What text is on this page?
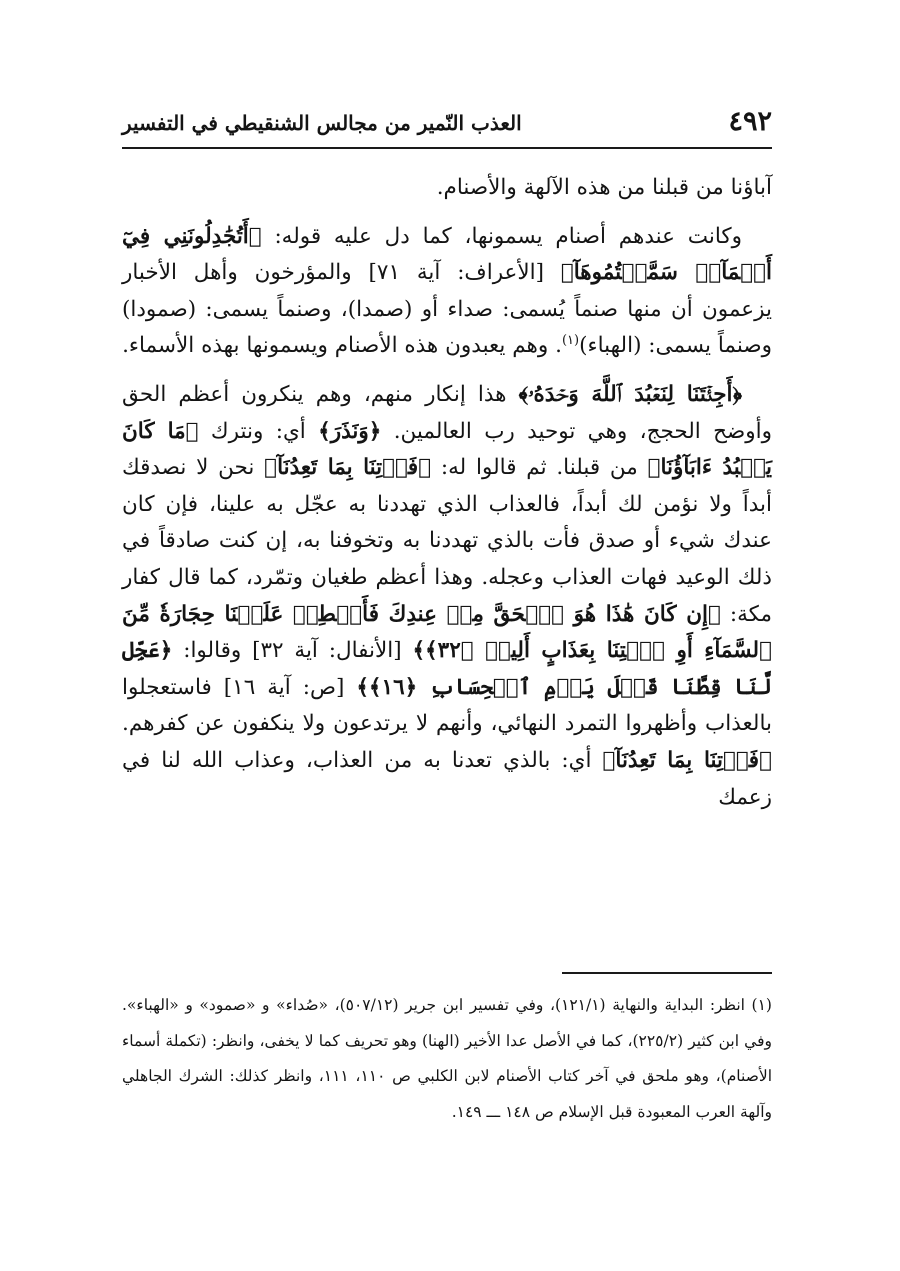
٤٩٢
العذب النّمير من مجالس الشنقيطي في التفسير

آباؤنا من قبلنا من هذه الآلهة والأصنام.

وكانت عندهم أصنام يسمونها، كما دل عليه قوله: ﴿أَتُجَٰدِلُونَنِي فِيٓ أَسۡمَآءٖ سَمَّيۡتُمُوهَآ﴾ [الأعراف: آية ٧١] والمؤرخون وأهل الأخبار يزعمون أن منها صنماً يُسمى: صداء أو (صمدا)، وصنماً يسمى: (صمودا) وصنماً يسمى: (الهباء)$^{(١)}$. وهم يعبدون هذه الأصنام ويسمونها بهذه الأسماء.

﴿أَجِئۡتَنَا لِنَعۡبُدَ ٱللَّهَ وَحۡدَهُۥ﴾ هذا إنكار منهم، وهم ينكرون أعظم الحق وأوضح الحجج، وهي توحيد رب العالمين. ﴿وَنَذَرَ﴾ أي: ونترك ﴿مَا كَانَ يَعۡبُدُ ءَابَآؤُنَا﴾ من قبلنا. ثم قالوا له: ﴿فَأۡتِنَا بِمَا تَعِدُنَآ﴾ نحن لا نصدقك أبداً ولا نؤمن لك أبداً، فالعذاب الذي تهددنا به عجّل به علينا، فإن كان عندك شيء أو صدق فأت بالذي تهددنا به وتخوفنا به، إن كنت صادقاً في ذلك الوعيد فهات العذاب وعجله. وهذا أعظم طغيان وتمّرد، كما قال كفار مكة: ﴿إِن كَانَ هَٰذَا هُوَ ٱلۡحَقَّ مِنۡ عِندِكَ فَأَمۡطِرۡ عَلَيۡنَا حِجَارَةٗ مِّنَ ٱلسَّمَآءِ أَوِ ٱئۡتِنَا بِعَذَابٍ أَلِيمٖ ﴿٣٢﴾﴾ [الأنفال: آية ٣٢] وقالوا: ﴿عَجِّل لَّنَا قِطَّنَا قَبۡلَ يَوۡمِ ٱلۡحِسَابِ ﴿١٦﴾﴾ [ص: آية ١٦] فاستعجلوا بالعذاب وأظهروا التمرد النهائي، وأنهم لا يرتدعون ولا ينكفون عن كفرهم. ﴿فَأۡتِنَا بِمَا تَعِدُنَآ﴾ أي: بالذي تعدنا به من العذاب، وعذاب الله لنا في زعمك

(١) انظر: البداية والنهاية (١٢١/١)، وفي تفسير ابن جرير (٥٠٧/١٢)، «صُداء» و «صمود» و «الهباء». وفي ابن كثير (٢٢٥/٢)، كما في الأصل عدا الأخير (الهنا) وهو تحريف كما لا يخفى، وانظر: (تكملة أسماء الأصنام)، وهو ملحق في آخر كتاب الأصنام لابن الكلبي ص ١١٠، ١١١، وانظر كذلك: الشرك الجاهلي وآلهة العرب المعبودة قبل الإسلام ص ١٤٨ ـــ ١٤٩.
